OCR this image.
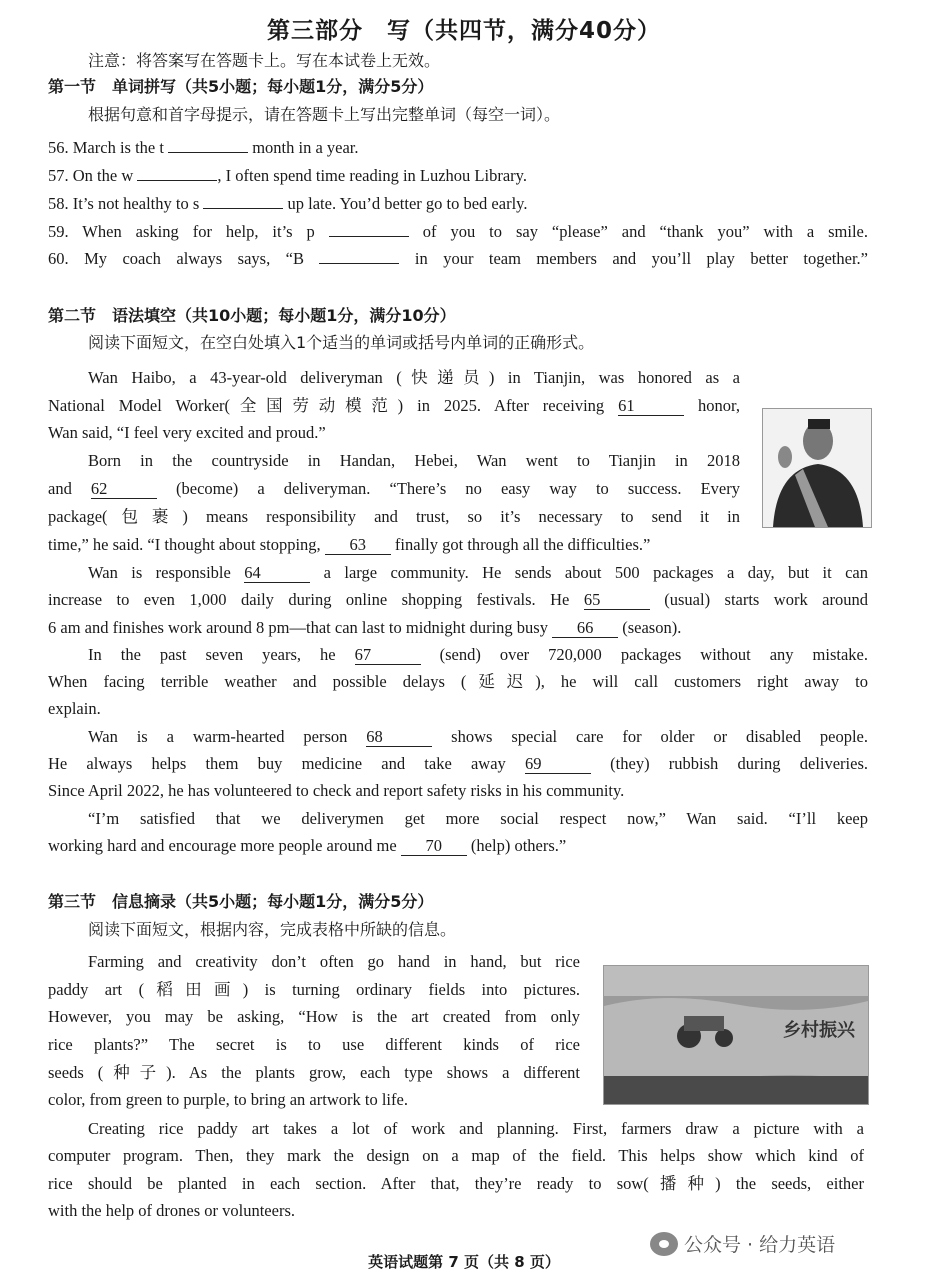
第三部分　写（共四节，满分40分）
注意：将答案写在答题卡上。写在本试卷上无效。
第一节　单词拼写（共5小题；每小题1分，满分5分）
根据句意和首字母提示，请在答题卡上写出完整单词（每空一词）。
56. March is the t	month in a year.
57. On the w	, I often spend time reading in Luzhou Library.
58. It’s not healthy to s	up late. You’d better go to bed early.
59. When asking for help, it’s p	of you to say “please” and “thank you” with a smile.
60. My coach always says, “B	in your team members and you’ll play better together.”
第二节　语法填空（共10小题；每小题1分，满分10分）
阅读下面短文，在空白处填入1个适当的单词或括号内单词的正确形式。
Wan Haibo, a 43-year-old deliveryman (快递员) in Tianjin, was honored as a
National Model Worker(全国劳动模范) in 2025. After receiving 61	honor,
Wan said, “I feel very excited and proud.”
Born in the countryside in Handan, Hebei, Wan went to Tianjin in 2018
and 62	(become) a deliveryman. “There’s no easy way to success. Every
package(包裹) means responsibility and trust, so it’s necessary to send it in
time,” he said. “I thought about stopping, 63 finally got through all the difficulties.”
Wan is responsible 64	a large community. He sends about 500 packages a day, but it can
increase to even 1,000 daily during online shopping festivals. He 65	(usual) starts work around
6 am and finishes work around 8 pm—that can last to midnight during busy 66 (season).
In the past seven years, he 67	(send) over 720,000 packages without any mistake.
When facing terrible weather and possible delays (延迟), he will call customers right away to
explain.
Wan is a warm-hearted person 68	shows special care for older or disabled people.
He always helps them buy medicine and take away 69	(they) rubbish during deliveries.
Since April 2022, he has volunteered to check and report safety risks in his community.
“I’m satisfied that we deliverymen get more social respect now,” Wan said. “I’ll keep
working hard and encourage more people around me 70 (help) others.”
第三节　信息摘录（共5小题；每小题1分，满分5分）
阅读下面短文，根据内容，完成表格中所缺的信息。
Farming and creativity don’t often go hand in hand, but rice
paddy art (稻田画) is turning ordinary fields into pictures.
However, you may be asking, “How is the art created from only
rice plants?” The secret is to use different kinds of rice
seeds (种子). As the plants grow, each type shows a different
color, from green to purple, to bring an artwork to life.
Creating rice paddy art takes a lot of work and planning. First, farmers draw a picture with a
computer program. Then, they mark the design on a map of the field. This helps show which kind of
rice should be planted in each section. After that, they’re ready to sow(播种) the seeds, either
with the help of drones or volunteers.
乡村振兴
公众号 · 给力英语
英语试题第 7 页（共 8 页）
